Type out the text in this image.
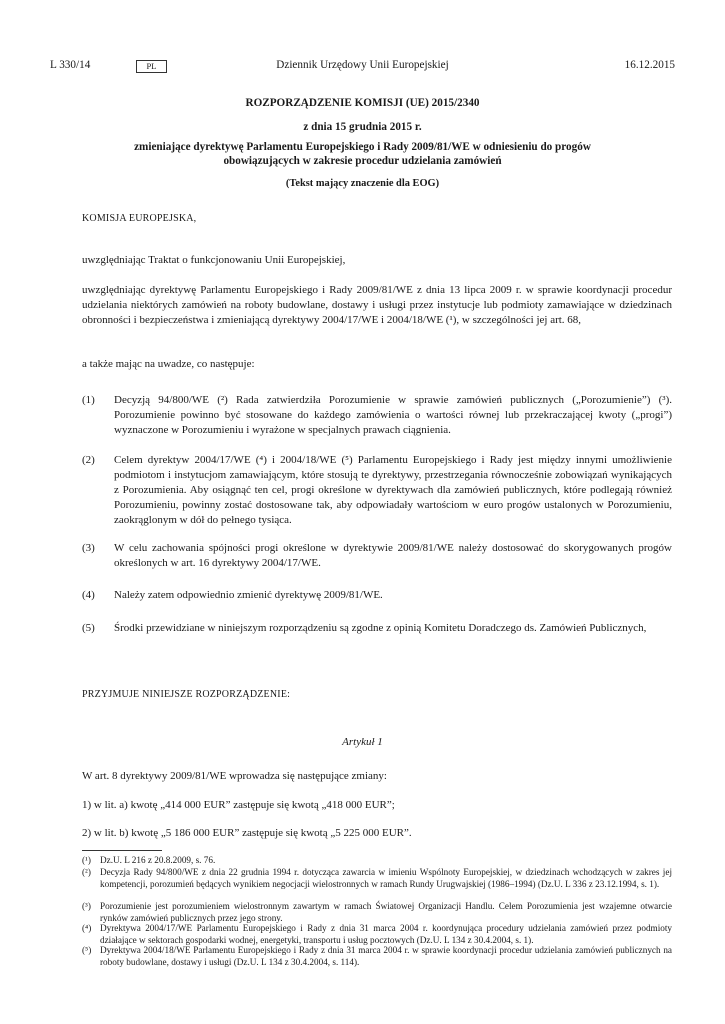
Dziennik Urzędowy Unii Europejskiej
L 330/14	PL	16.12.2015
ROZPORZĄDZENIE KOMISJI (UE) 2015/2340
z dnia 15 grudnia 2015 r.
zmieniające dyrektywę Parlamentu Europejskiego i Rady 2009/81/WE w odniesieniu do progów
obowiązujących w zakresie procedur udzielania zamówień
(Tekst mający znaczenie dla EOG)
KOMISJA EUROPEJSKA,
uwzględniając Traktat o funkcjonowaniu Unii Europejskiej,
uwzględniając dyrektywę Parlamentu Europejskiego i Rady 2009/81/WE z dnia 13 lipca 2009 r. w sprawie koordynacji procedur udzielania niektórych zamówień na roboty budowlane, dostawy i usługi przez instytucje lub podmioty zamawiające w dziedzinach obronności i bezpieczeństwa i zmieniającą dyrektywy 2004/17/WE i 2004/18/WE (¹), w szczególności jej art. 68,
a także mając na uwadze, co następuje:
(1) Decyzją 94/800/WE (²) Rada zatwierdziła Porozumienie w sprawie zamówień publicznych („Porozumienie”) (³). Porozumienie powinno być stosowane do każdego zamówienia o wartości równej lub przekraczającej kwoty („progi”) wyznaczone w Porozumieniu i wyrażone w specjalnych prawach ciągnienia.
(2) Celem dyrektyw 2004/17/WE (⁴) i 2004/18/WE (⁵) Parlamentu Europejskiego i Rady jest między innymi umożliwienie podmiotom i instytucjom zamawiającym, które stosują te dyrektywy, przestrzegania równocześnie zobowiązań wynikających z Porozumienia. Aby osiągnąć ten cel, progi określone w dyrektywach dla zamówień publicznych, które podlegają również Porozumieniu, powinny zostać dostosowane tak, aby odpowiadały wartościom w euro progów ustalonych w Porozumieniu, zaokrąglonym w dół do pełnego tysiąca.
(3) W celu zachowania spójności progi określone w dyrektywie 2009/81/WE należy dostosować do skorygowanych progów określonych w art. 16 dyrektywy 2004/17/WE.
(4) Należy zatem odpowiednio zmienić dyrektywę 2009/81/WE.
(5) Środki przewidziane w niniejszym rozporządzeniu są zgodne z opinią Komitetu Doradczego ds. Zamówień Publicznych,
PRZYJMUJE NINIEJSZE ROZPORZĄDZENIE:
Artykuł 1
W art. 8 dyrektywy 2009/81/WE wprowadza się następujące zmiany:
1) w lit. a) kwotę „414 000 EUR” zastępuje się kwotą „418 000 EUR”;
2) w lit. b) kwotę „5 186 000 EUR” zastępuje się kwotą „5 225 000 EUR”.
(¹) Dz.U. L 216 z 20.8.2009, s. 76.
(²) Decyzja Rady 94/800/WE z dnia 22 grudnia 1994 r. dotycząca zawarcia w imieniu Wspólnoty Europejskiej, w dziedzinach wchodzących w zakres jej kompetencji, porozumień będących wynikiem negocjacji wielostronnych w ramach Rundy Urugwajskiej (1986–1994) (Dz.U. L 336 z 23.12.1994, s. 1).
(³) Porozumienie jest porozumieniem wielostronnym zawartym w ramach Światowej Organizacji Handlu. Celem Porozumienia jest wzajemne otwarcie rynków zamówień publicznych przez jego strony.
(⁴) Dyrektywa 2004/17/WE Parlamentu Europejskiego i Rady z dnia 31 marca 2004 r. koordynująca procedury udzielania zamówień przez podmioty działające w sektorach gospodarki wodnej, energetyki, transportu i usług pocztowych (Dz.U. L 134 z 30.4.2004, s. 1).
(⁵) Dyrektywa 2004/18/WE Parlamentu Europejskiego i Rady z dnia 31 marca 2004 r. w sprawie koordynacji procedur udzielania zamówień publicznych na roboty budowlane, dostawy i usługi (Dz.U. L 134 z 30.4.2004, s. 114).
